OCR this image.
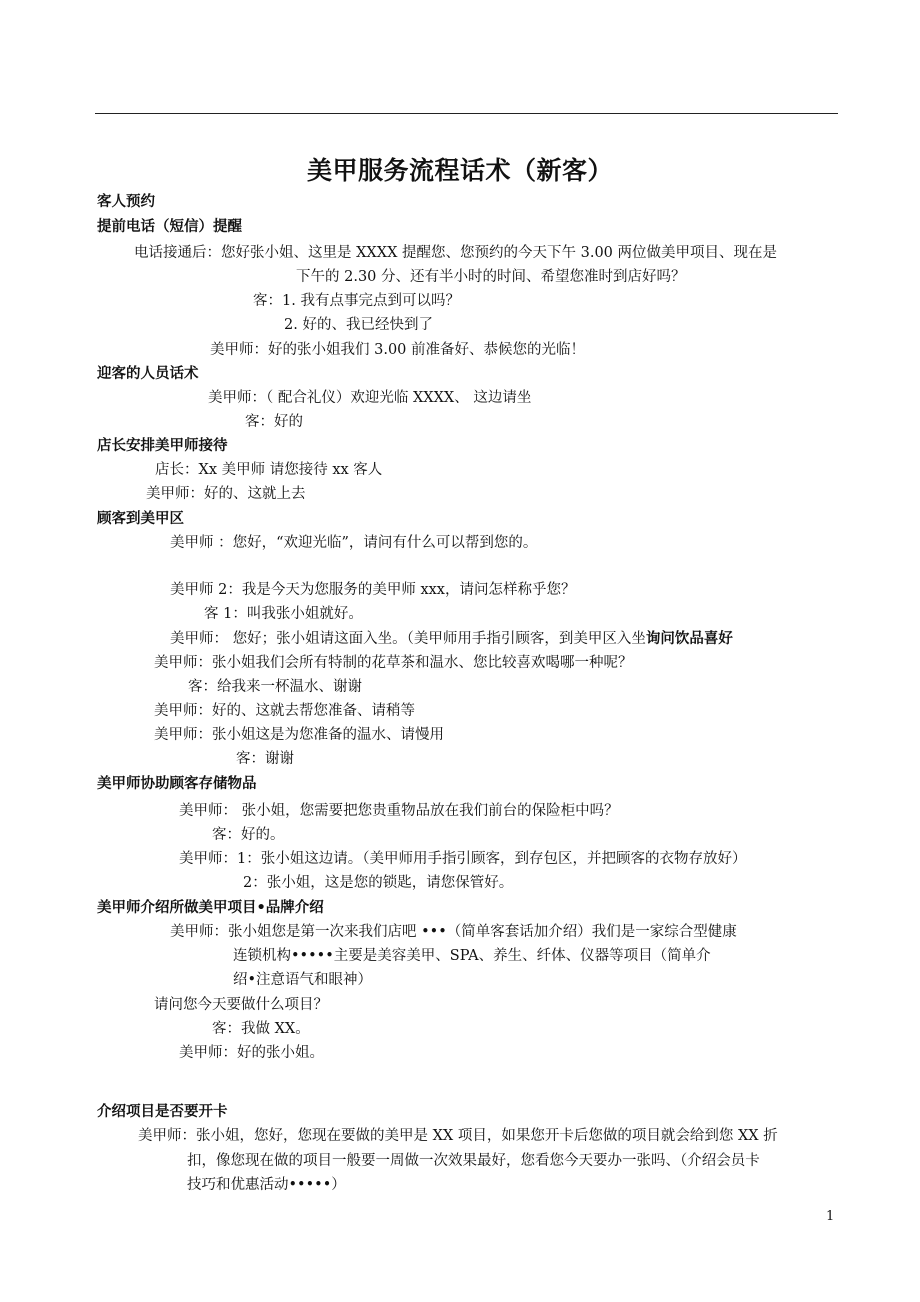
美甲服务流程话术（新客）
客人预约
提前电话（短信）提醒
电话接通后：您好张小姐、这里是 XXXX 提醒您、您预约的今天下午 3.00 两位做美甲项目、现在是
下午的 2.30 分、还有半小时的时间、希望您准时到店好吗？
客：1. 我有点事完点到可以吗？
2. 好的、我已经快到了
美甲师：好的张小姐我们 3.00 前准备好、恭候您的光临！
迎客的人员话术
美甲师：（ 配合礼仪）欢迎光临 XXXX、 这边请坐
客：好的
店长安排美甲师接待
店长：Xx 美甲师 请您接待 xx 客人
美甲师：好的、这就上去
顾客到美甲区
美甲师 ：您好，“欢迎光临”，请问有什么可以帮到您的。
美甲师 2：我是今天为您服务的美甲师 xxx，请问怎样称乎您？
客 1：叫我张小姐就好。
美甲师： 您好；张小姐请这面入坐。（美甲师用手指引顾客，到美甲区入坐询问饮品喜好
美甲师：张小姐我们会所有特制的花草茶和温水、您比较喜欢喝哪一种呢？
客：给我来一杯温水、谢谢
美甲师：好的、这就去帮您准备、请稍等
美甲师：张小姐这是为您准备的温水、请慢用
客：谢谢
美甲师协助顾客存储物品
美甲师： 张小姐，您需要把您贵重物品放在我们前台的保险柜中吗？
客：好的。
美甲师：1：张小姐这边请。（美甲师用手指引顾客，到存包区，并把顾客的衣物存放好）
2：张小姐，这是您的锁匙，请您保管好。
美甲师介绍所做美甲项目•品牌介绍
美甲师：张小姐您是第一次来我们店吧 •••（简单客套话加介绍）我们是一家综合型健康
连锁机构•••••主要是美容美甲、SPA、养生、纤体、仪器等项目（简单介
绍•注意语气和眼神）
请问您今天要做什么项目？
客：我做 XX。
美甲师：好的张小姐。
介绍项目是否要开卡
美甲师：张小姐，您好，您现在要做的美甲是 XX 项目，如果您开卡后您做的项目就会给到您 XX 折
扣，像您现在做的项目一般要一周做一次效果最好，您看您今天要办一张吗、（介绍会员卡
技巧和优惠活动•••••）
1
